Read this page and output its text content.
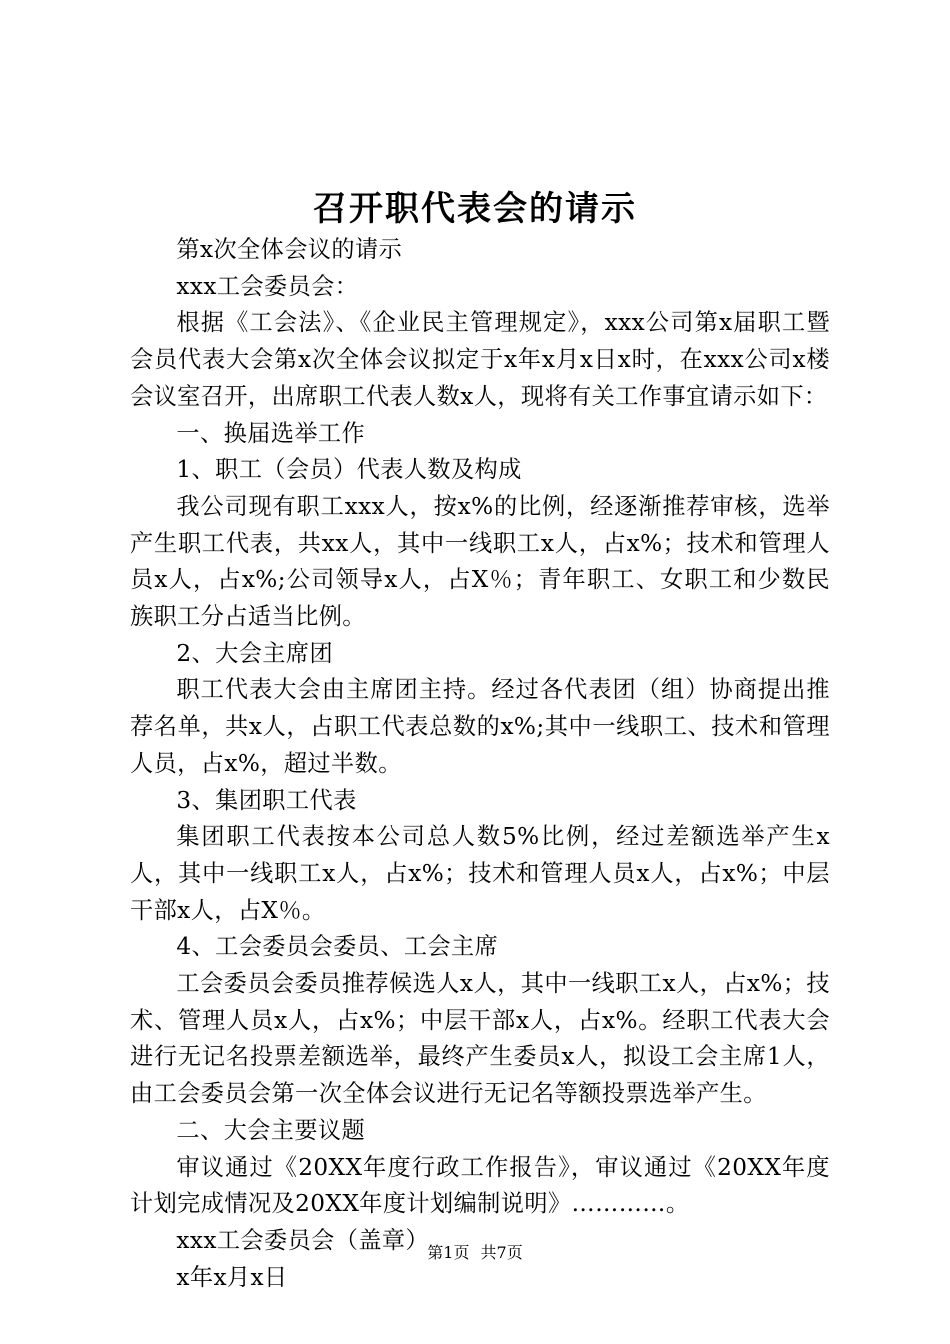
召开职代表会的请示

第x次全体会议的请示

xxx工会委员会：

根据《工会法》、《企业民主管理规定》，xxx公司第x届职工暨会员代表大会第x次全体会议拟定于x年x月x日x时，在xxx公司x楼会议室召开，出席职工代表人数x人，现将有关工作事宜请示如下：

一、换届选举工作

1、职工（会员）代表人数及构成

我公司现有职工xxx人，按x%的比例，经逐渐推荐审核，选举产生职工代表，共xx人，其中一线职工x人，占x%；技术和管理人员x人，占x%;公司领导x人，占X％；青年职工、女职工和少数民族职工分占适当比例。

2、大会主席团

职工代表大会由主席团主持。经过各代表团（组）协商提出推荐名单，共x人，占职工代表总数的x%;其中一线职工、技术和管理人员，占x%，超过半数。

3、集团职工代表

集团职工代表按本公司总人数5%比例，经过差额选举产生x人，其中一线职工x人，占x%；技术和管理人员x人，占x%；中层干部x人，占X％。

4、工会委员会委员、工会主席

工会委员会委员推荐候选人x人，其中一线职工x人，占x%；技术、管理人员x人，占x%；中层干部x人，占x%。经职工代表大会进行无记名投票差额选举，最终产生委员x人，拟设工会主席1人，由工会委员会第一次全体会议进行无记名等额投票选举产生。

二、大会主要议题

审议通过《20XX年度行政工作报告》，审议通过《20XX年度计划完成情况及20XX年度计划编制说明》…………。

xxx工会委员会（盖章）

x年x月x日

第1页 共7页
